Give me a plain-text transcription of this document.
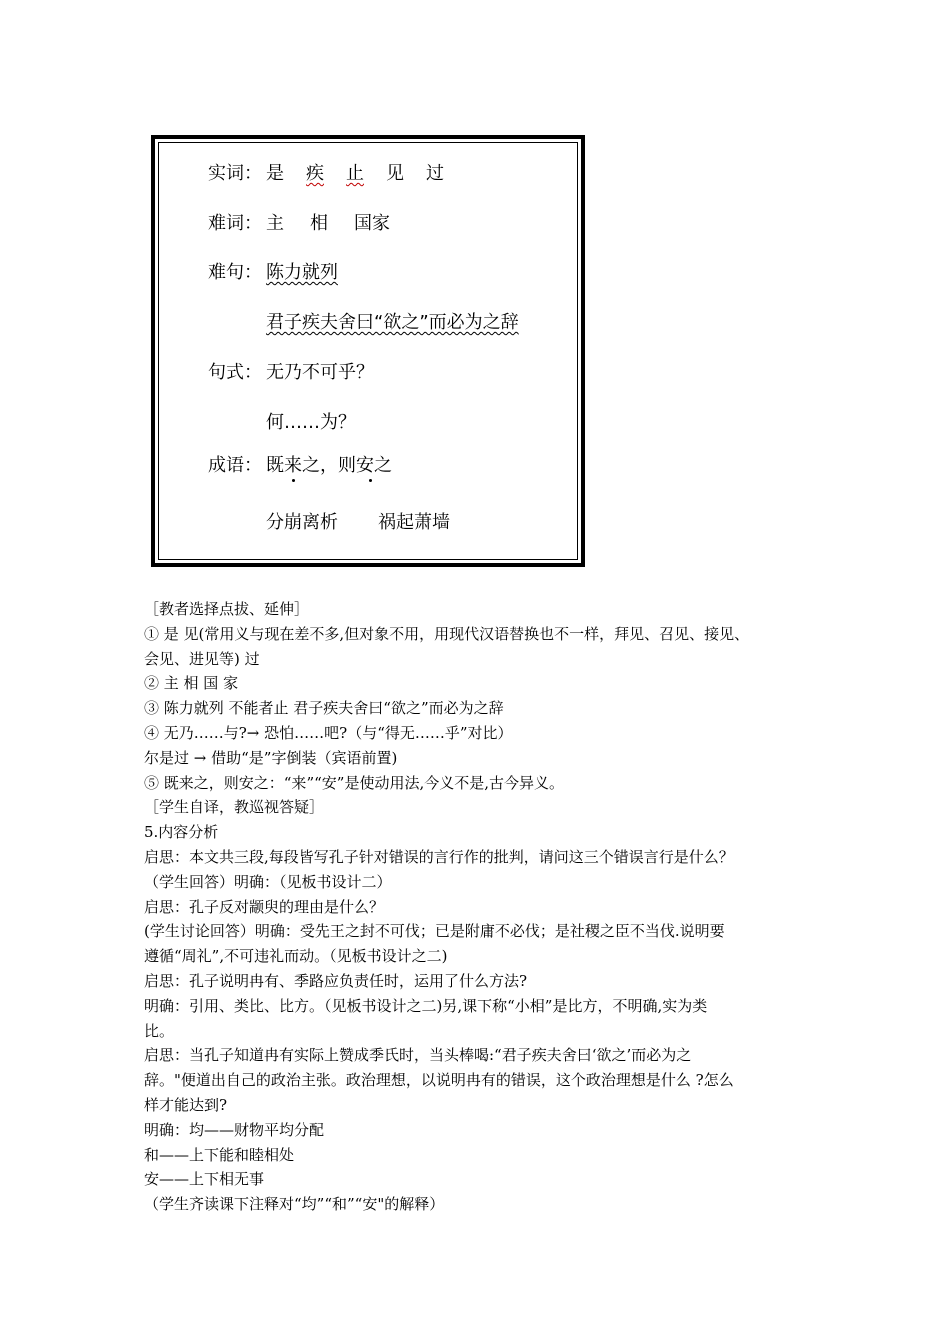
实词： 是 疾 止 见 过
难词： 主 相 国家
难句： 陈力就列
君子疾夫舍曰“欲之”而必为之辞
句式： 无乃不可乎？
何……为？
成语： 既来之，则安之
分崩离析 祸起萧墙

［教者选择点拔、延伸］

① 是 见(常用义与现在差不多,但对象不用，用现代汉语替换也不一样，拜见、召见、接见、

会见、进见等) 过

② 主 相 国 家

③ 陈力就列 不能者止 君子疾夫舍曰“欲之”而必为之辞

④ 无乃……与?→ 恐怕……吧?（与“得无……乎”对比）

尔是过 → 借助“是”字倒装（宾语前置)

⑤ 既来之，则安之：“来”“安”是使动用法,今义不是,古今异义。

［学生自译，教巡视答疑］

5.内容分析

启思：本文共三段,每段皆写孔子针对错误的言行作的批判，请问这三个错误言行是什么？

（学生回答）明确：（见板书设计二）

启思：孔子反对颛臾的理由是什么？

(学生讨论回答）明确：受先王之封不可伐；已是附庸不必伐；是社稷之臣不当伐.说明要

遵循“周礼”,不可违礼而动。（见板书设计之二)

启思：孔子说明冉有、季路应负责任时，运用了什么方法?

明确：引用、类比、比方。（见板书设计之二)另,课下称“小相”是比方，不明确,实为类

比。

启思：当孔子知道冉有实际上赞成季氏时，当头棒喝:“君子疾夫舍曰‘欲之’而必为之

辞。"便道出自己的政治主张。政治理想，以说明冉有的错误，这个政治理想是什么 ?怎么

样才能达到?

明确：均——财物平均分配

和——上下能和睦相处

安——上下相无事

（学生齐读课下注释对“均”“和”“安"的解释）
